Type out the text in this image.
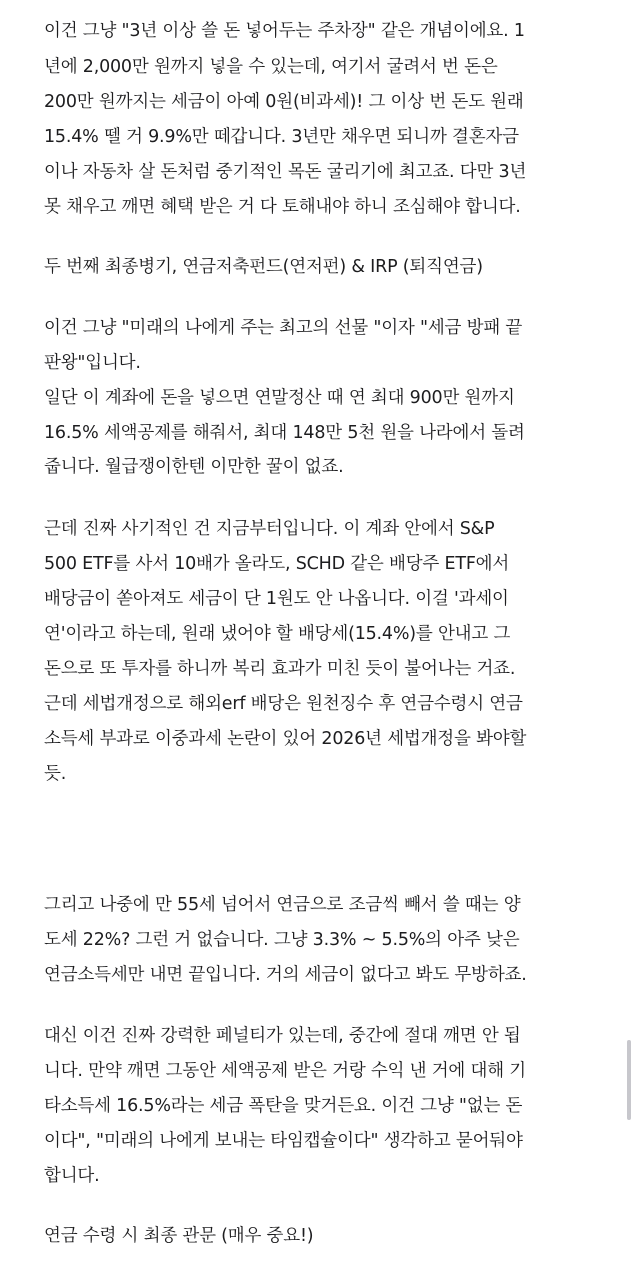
이건 그냥 "3년 이상 쓸 돈 넣어두는 주차장" 같은 개념이에요. 1
년에 2,000만 원까지 넣을 수 있는데, 여기서 굴려서 번 돈은
200만 원까지는 세금이 아예 0원(비과세)! 그 이상 번 돈도 원래
15.4% 뗄 거 9.9%만 떼갑니다. 3년만 채우면 되니까 결혼자금
이나 자동차 살 돈처럼 중기적인 목돈 굴리기에 최고죠. 다만 3년
못 채우고 깨면 혜택 받은 거 다 토해내야 하니 조심해야 합니다.
두 번째 최종병기, 연금저축펀드(연저펀) & IRP (퇴직연금)
이건 그냥 "미래의 나에게 주는 최고의 선물 "이자 "세금 방패 끝
판왕"입니다.
일단 이 계좌에 돈을 넣으면 연말정산 때 연 최대 900만 원까지
16.5% 세액공제를 해줘서, 최대 148만 5천 원을 나라에서 돌려
줍니다. 월급쟁이한텐 이만한 꿀이 없죠.
근데 진짜 사기적인 건 지금부터입니다. 이 계좌 안에서 S&P
500 ETF를 사서 10배가 올라도, SCHD 같은 배당주 ETF에서
배당금이 쏟아져도 세금이 단 1원도 안 나옵니다. 이걸 '과세이
연'이라고 하는데, 원래 냈어야 할 배당세(15.4%)를 안내고 그
돈으로 또 투자를 하니까 복리 효과가 미친 듯이 불어나는 거죠.
근데 세법개정으로 해외erf 배당은 원천징수 후 연금수령시 연금
소득세 부과로 이중과세 논란이 있어 2026년 세법개정을 봐야할
듯.
그리고 나중에 만 55세 넘어서 연금으로 조금씩 빼서 쓸 때는 양
도세 22%? 그런 거 없습니다. 그냥 3.3% ~ 5.5%의 아주 낮은
연금소득세만 내면 끝입니다. 거의 세금이 없다고 봐도 무방하죠.
대신 이건 진짜 강력한 페널티가 있는데, 중간에 절대 깨면 안 됩
니다. 만약 깨면 그동안 세액공제 받은 거랑 수익 낸 거에 대해 기
타소득세 16.5%라는 세금 폭탄을 맞거든요. 이건 그냥 "없는 돈
이다", "미래의 나에게 보내는 타임캡슐이다" 생각하고 묻어둬야
합니다.
연금 수령 시 최종 관문 (매우 중요!)
